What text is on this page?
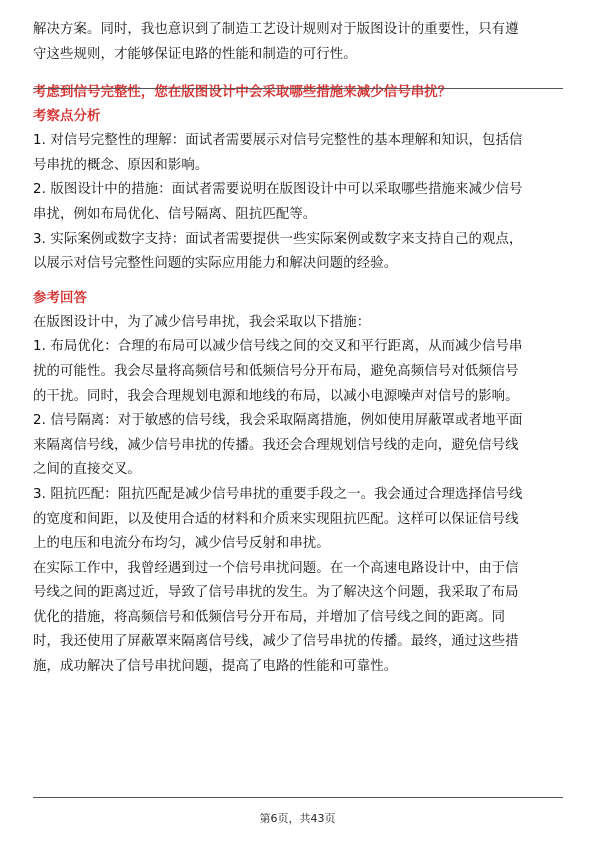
解决方案。同时，我也意识到了制造工艺设计规则对于版图设计的重要性，只有遵

守这些规则，才能够保证电路的性能和制造的可行性。

考虑到信号完整性，您在版图设计中会采取哪些措施来减少信号串扰？

考察点分析

1. 对信号完整性的理解：面试者需要展示对信号完整性的基本理解和知识，包括信

号串扰的概念、原因和影响。

2. 版图设计中的措施：面试者需要说明在版图设计中可以采取哪些措施来减少信号

串扰，例如布局优化、信号隔离、阻抗匹配等。

3. 实际案例或数字支持：面试者需要提供一些实际案例或数字来支持自己的观点，

以展示对信号完整性问题的实际应用能力和解决问题的经验。

参考回答

在版图设计中，为了减少信号串扰，我会采取以下措施：

1. 布局优化：合理的布局可以减少信号线之间的交叉和平行距离，从而减少信号串

扰的可能性。我会尽量将高频信号和低频信号分开布局，避免高频信号对低频信号

的干扰。同时，我会合理规划电源和地线的布局，以减小电源噪声对信号的影响。

2. 信号隔离：对于敏感的信号线，我会采取隔离措施，例如使用屏蔽罩或者地平面

来隔离信号线，减少信号串扰的传播。我还会合理规划信号线的走向，避免信号线

之间的直接交叉。

3. 阻抗匹配：阻抗匹配是减少信号串扰的重要手段之一。我会通过合理选择信号线

的宽度和间距，以及使用合适的材料和介质来实现阻抗匹配。这样可以保证信号线

上的电压和电流分布均匀，减少信号反射和串扰。

在实际工作中，我曾经遇到过一个信号串扰问题。在一个高速电路设计中，由于信

号线之间的距离过近，导致了信号串扰的发生。为了解决这个问题，我采取了布局

优化的措施，将高频信号和低频信号分开布局，并增加了信号线之间的距离。同

时，我还使用了屏蔽罩来隔离信号线，减少了信号串扰的传播。最终，通过这些措

施，成功解决了信号串扰问题，提高了电路的性能和可靠性。

第6页，共43页
